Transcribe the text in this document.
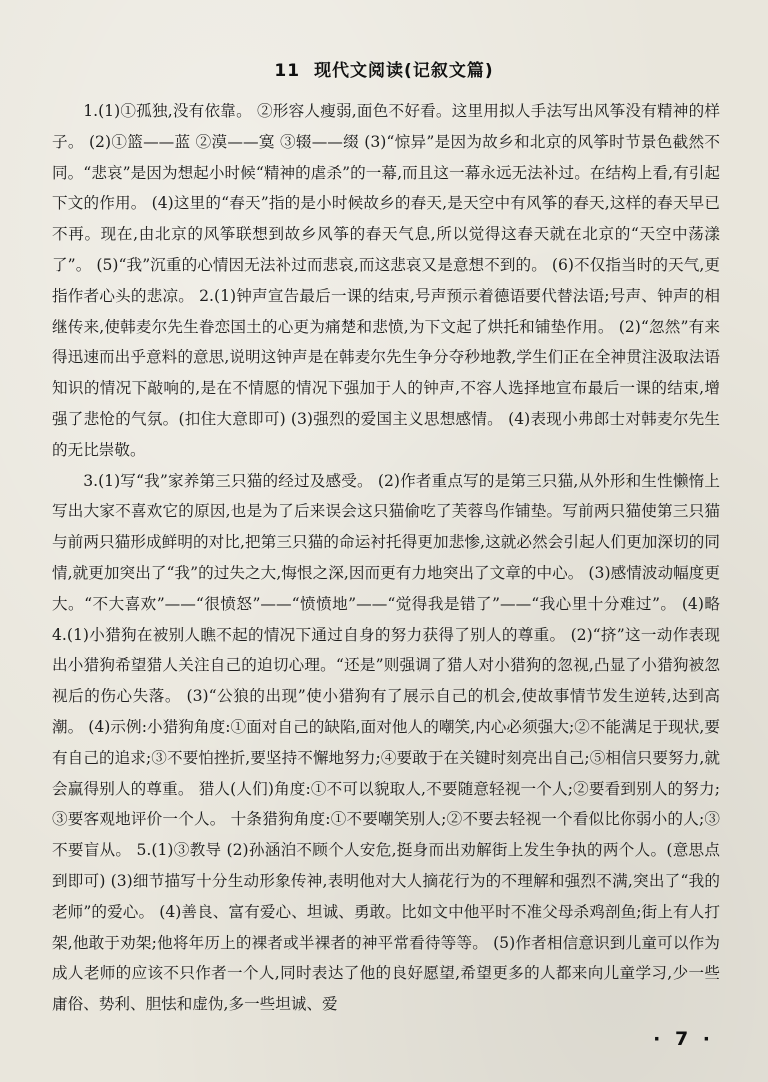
11 现代文阅读(记叙文篇)

1.(1)①孤独,没有依靠。 ②形容人瘦弱,面色不好看。这里用拟人手法写出风筝没有精神的样子。 (2)①篮——蓝 ②漠——寞 ③辍——缀 (3)“惊异”是因为故乡和北京的风筝时节景色截然不同。“悲哀”是因为想起小时候“精神的虐杀”的一幕,而且这一幕永远无法补过。在结构上看,有引起下文的作用。 (4)这里的“春天”指的是小时候故乡的春天,是天空中有风筝的春天,这样的春天早已不再。现在,由北京的风筝联想到故乡风筝的春天气息,所以觉得这春天就在北京的“天空中荡漾了”。 (5)“我”沉重的心情因无法补过而悲哀,而这悲哀又是意想不到的。 (6)不仅指当时的天气,更指作者心头的悲凉。 2.(1)钟声宣告最后一课的结束,号声预示着德语要代替法语;号声、钟声的相继传来,使韩麦尔先生眷恋国土的心更为痛楚和悲愤,为下文起了烘托和铺垫作用。 (2)“忽然”有来得迅速而出乎意料的意思,说明这钟声是在韩麦尔先生争分夺秒地教,学生们正在全神贯注汲取法语知识的情况下敲响的,是在不情愿的情况下强加于人的钟声,不容人选择地宣布最后一课的结束,增强了悲怆的气氛。(扣住大意即可) (3)强烈的爱国主义思想感情。 (4)表现小弗郎士对韩麦尔先生的无比崇敬。

3.(1)写“我”家养第三只猫的经过及感受。 (2)作者重点写的是第三只猫,从外形和生性懒惰上写出大家不喜欢它的原因,也是为了后来误会这只猫偷吃了芙蓉鸟作铺垫。写前两只猫使第三只猫与前两只猫形成鲜明的对比,把第三只猫的命运衬托得更加悲惨,这就必然会引起人们更加深切的同情,就更加突出了“我”的过失之大,悔恨之深,因而更有力地突出了文章的中心。 (3)感情波动幅度更大。“不大喜欢”——“很愤怒”——“愤愤地”——“觉得我是错了”——“我心里十分难过”。 (4)略 4.(1)小猎狗在被别人瞧不起的情况下通过自身的努力获得了别人的尊重。 (2)“挤”这一动作表现出小猎狗希望猎人关注自己的迫切心理。“还是”则强调了猎人对小猎狗的忽视,凸显了小猎狗被忽视后的伤心失落。 (3)“公狼的出现”使小猎狗有了展示自己的机会,使故事情节发生逆转,达到高潮。 (4)示例:小猎狗角度:①面对自己的缺陷,面对他人的嘲笑,内心必须强大;②不能满足于现状,要有自己的追求;③不要怕挫折,要坚持不懈地努力;④要敢于在关键时刻亮出自己;⑤相信只要努力,就会赢得别人的尊重。 猎人(人们)角度:①不可以貌取人,不要随意轻视一个人;②要看到别人的努力;③要客观地评价一个人。 十条猎狗角度:①不要嘲笑别人;②不要去轻视一个看似比你弱小的人;③不要盲从。 5.(1)③教导 (2)孙涵泊不顾个人安危,挺身而出劝解街上发生争执的两个人。(意思点到即可) (3)细节描写十分生动形象传神,表明他对大人摘花行为的不理解和强烈不满,突出了“我的老师”的爱心。 (4)善良、富有爱心、坦诚、勇敢。比如文中他平时不准父母杀鸡剖鱼;街上有人打架,他敢于劝架;他将年历上的裸者或半裸者的神平常看待等等。 (5)作者相信意识到儿童可以作为成人老师的应该不只作者一个人,同时表达了他的良好愿望,希望更多的人都来向儿童学习,少一些庸俗、势利、胆怯和虚伪,多一些坦诚、爱

· 7 ·
